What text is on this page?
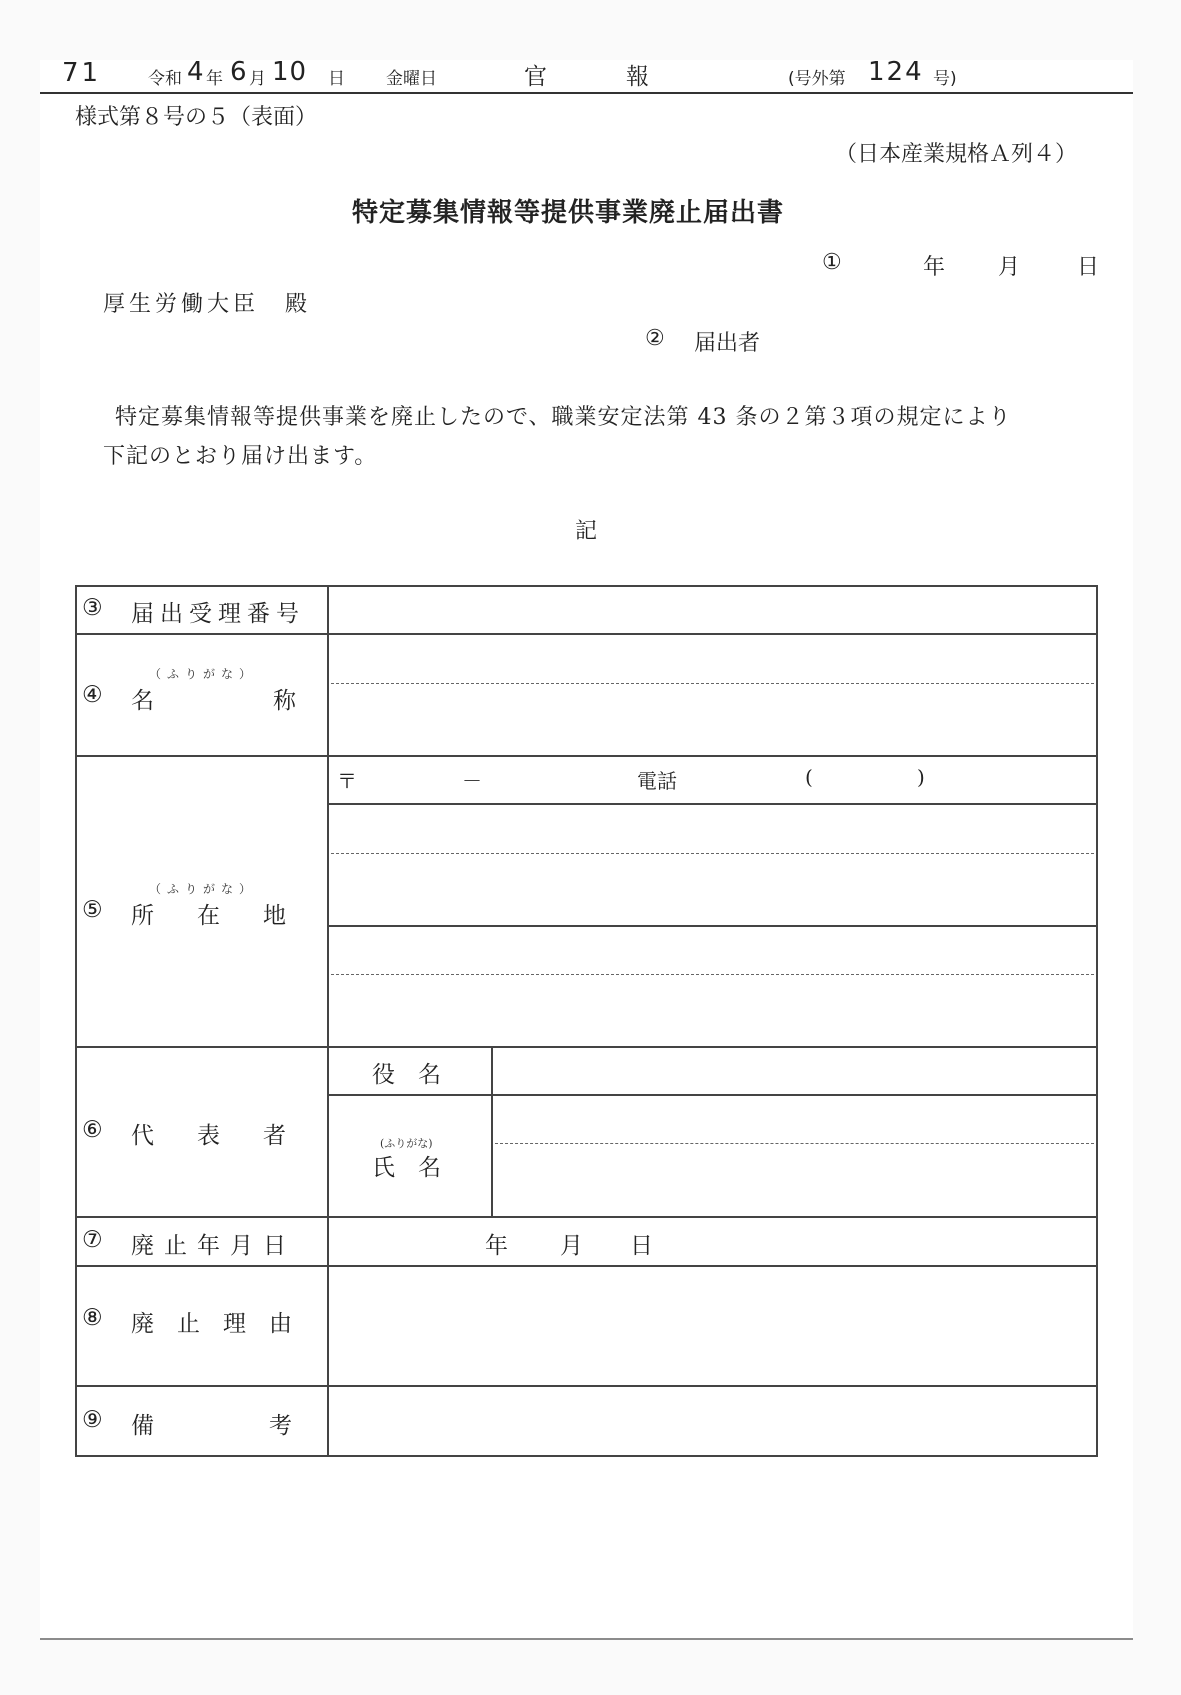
71	令和 4 年 6 月 10 日 金曜日	官	報	(号外第 124 号)
様式第８号の５（表面）
（日本産業規格Ａ列４）
特定募集情報等提供事業廃止届出書
①	年 月	日
厚生労働大臣　殿
② 届出者
特定募集情報等提供事業を廃止したので、職業安定法第 43 条の２第３項の規定により
下記のとおり届け出ます。
記
③ 届出受理番号
④
（ふりがな）
名	称
⑤
（ふりがな）
所 在 地
〒	－	電話	(	)
⑥ 代 表 者
役　名
(ふりがな)
氏　名
⑦ 廃止年月日	年 月 日
⑧ 廃 止 理 由
⑨ 備	考
